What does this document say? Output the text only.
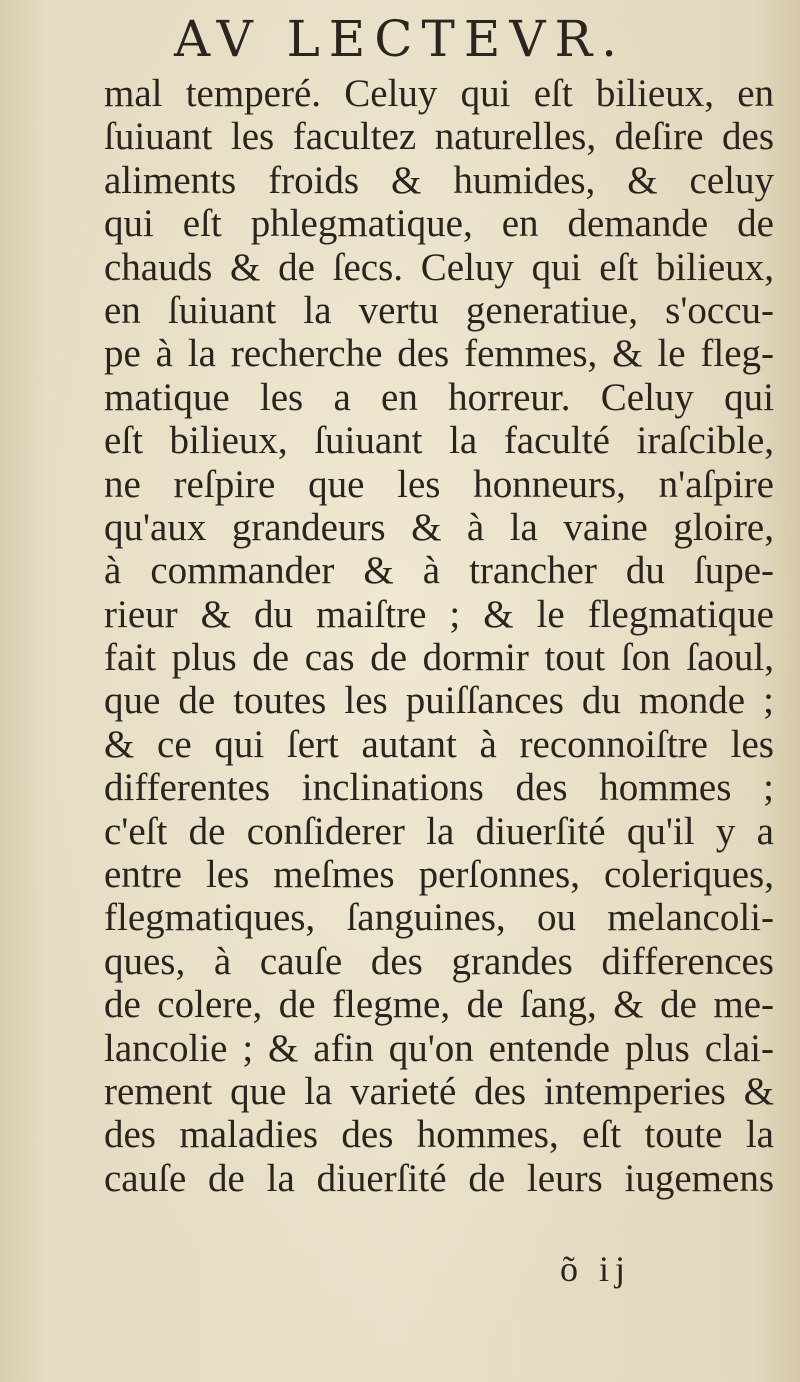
AV LECTEVR.
mal temperé. Celuy qui eſt bilieux, en
ſuiuant les facultez naturelles, deſire des
aliments froids & humides, & celuy
qui eſt phlegmatique, en demande de
chauds & de ſecs. Celuy qui eſt bilieux,
en ſuiuant la vertu generatiue, s'occu-
pe à la recherche des femmes, & le fleg-
matique les a en horreur. Celuy qui
eſt bilieux, ſuiuant la faculté iraſcible,
ne reſpire que les honneurs, n'aſpire
qu'aux grandeurs & à la vaine gloire,
à commander & à trancher du ſupe-
rieur & du maiſtre ; & le flegmatique
fait plus de cas de dormir tout ſon ſaoul,
que de toutes les puiſſances du monde ;
& ce qui ſert autant à reconnoiſtre les
differentes inclinations des hommes ;
c'eſt de conſiderer la diuerſité qu'il y a
entre les meſmes perſonnes, coleriques,
flegmatiques, ſanguines, ou melancoli-
ques, à cauſe des grandes differences
de colere, de flegme, de ſang, & de me-
lancolie ; & afin qu'on entende plus clai-
rement que la varieté des intemperies &
des maladies des hommes, eſt toute la
cauſe de la diuerſité de leurs iugemens
õ ij
